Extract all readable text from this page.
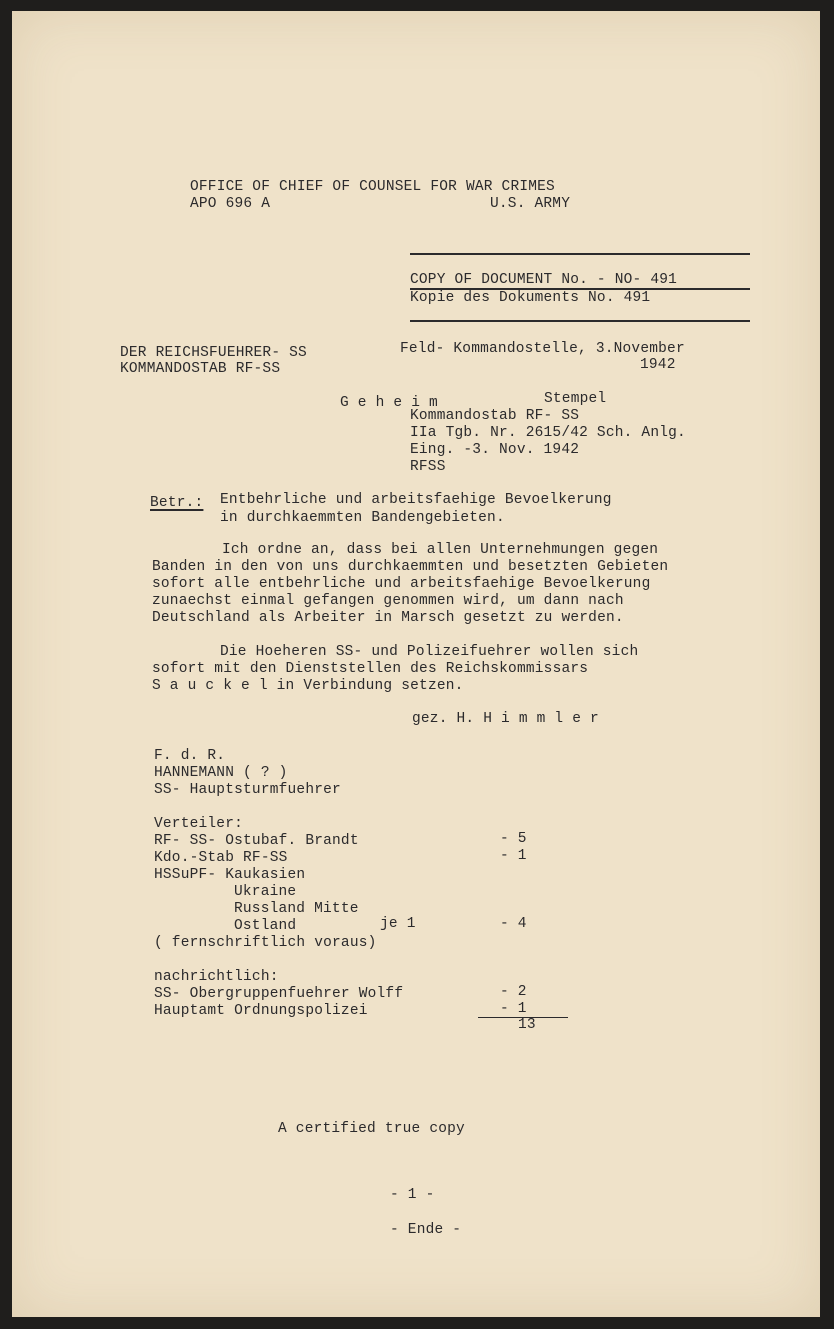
OFFICE OF CHIEF OF COUNSEL FOR WAR CRIMES
APO 696 A	U.S. ARMY
COPY OF DOCUMENT No. - NO- 491
Kopie des Dokuments No. 491
DER REICHSFUEHRER- SS
KOMMANDOSTAB RF-SS
Feld- Kommandostelle, 3.November
1942
G e h e i m	Stempel
Kommandostab RF- SS
IIa Tgb. Nr. 2615/42 Sch. Anlg.
Eing. -3. Nov. 1942
RFSS
Betr.: Entbehrliche und arbeitsfaehige Bevoelkerung
in durchkaemmten Bandengebieten.
Ich ordne an, dass bei allen Unternehmungen gegen
Banden in den von uns durchkaemmten und besetzten Gebieten
sofort alle entbehrliche und arbeitsfaehige Bevoelkerung
zunaechst einmal gefangen genommen wird, um dann nach
Deutschland als Arbeiter in Marsch gesetzt zu werden.
Die Hoeheren SS- und Polizeifuehrer wollen sich
sofort mit den Dienststellen des Reichskommissars
S a u c k e l in Verbindung setzen.
gez. H. H i m m l e r
F. d. R.
HANNEMANN ( ? )
SS- Hauptsturmfuehrer
Verteiler:
RF- SS- Ostubaf. Brandt	- 5
Kdo.-Stab RF-SS	- 1
HSSuPF- Kaukasien
Ukraine
Russland Mitte
Ostland	je 1	- 4
( fernschriftlich voraus)
nachrichtlich:
SS- Obergruppenfuehrer Wolff	- 2
Hauptamt Ordnungspolizei	- 1
13
A certified true copy
- 1 -
- Ende -
